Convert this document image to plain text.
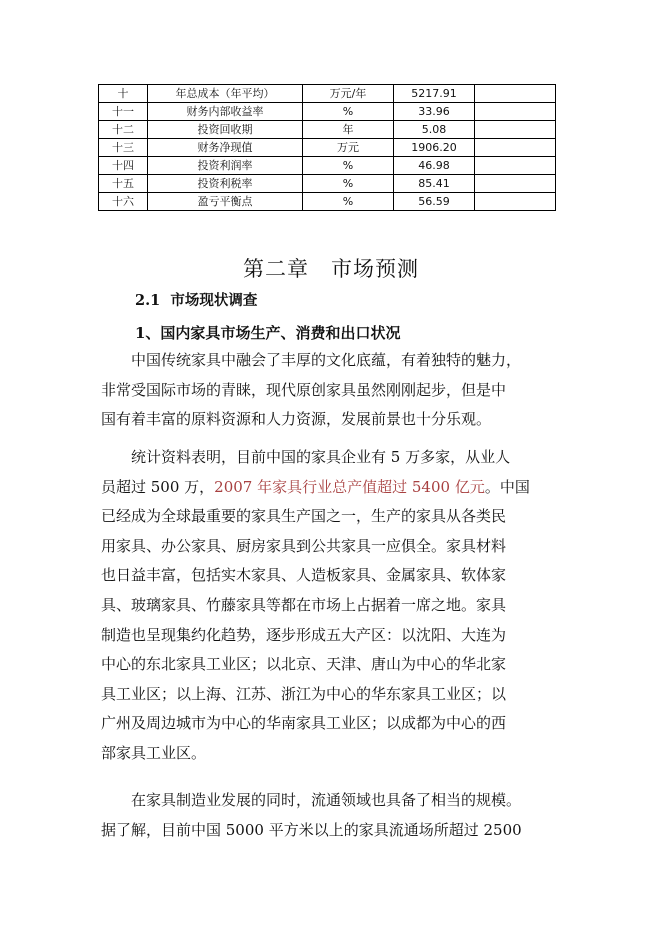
十	年总成本（年平均）	万元/年	5217.91	
十一	财务内部收益率	%	33.96	
十二	投资回收期	年	5.08	
十三	财务净现值	万元	1906.20	
十四	投资利润率	%	46.98	
十五	投资利税率	%	85.41	
十六	盈亏平衡点	%	56.59	
第二章 市场预测
2.1 市场现状调查
1、国内家具市场生产、消费和出口状况
中国传统家具中融会了丰厚的文化底蕴，有着独特的魅力，
非常受国际市场的青睐，现代原创家具虽然刚刚起步，但是中
国有着丰富的原料资源和人力资源，发展前景也十分乐观。
统计资料表明，目前中国的家具企业有 5 万多家，从业人
员超过 500 万，2007 年家具行业总产值超过 5400 亿元。中国
已经成为全球最重要的家具生产国之一，生产的家具从各类民
用家具、办公家具、厨房家具到公共家具一应俱全。家具材料
也日益丰富，包括实木家具、人造板家具、金属家具、软体家
具、玻璃家具、竹藤家具等都在市场上占据着一席之地。家具
制造也呈现集约化趋势，逐步形成五大产区：以沈阳、大连为
中心的东北家具工业区；以北京、天津、唐山为中心的华北家
具工业区；以上海、江苏、浙江为中心的华东家具工业区；以
广州及周边城市为中心的华南家具工业区；以成都为中心的西
部家具工业区。
在家具制造业发展的同时，流通领域也具备了相当的规模。
据了解，目前中国 5000 平方米以上的家具流通场所超过 2500
